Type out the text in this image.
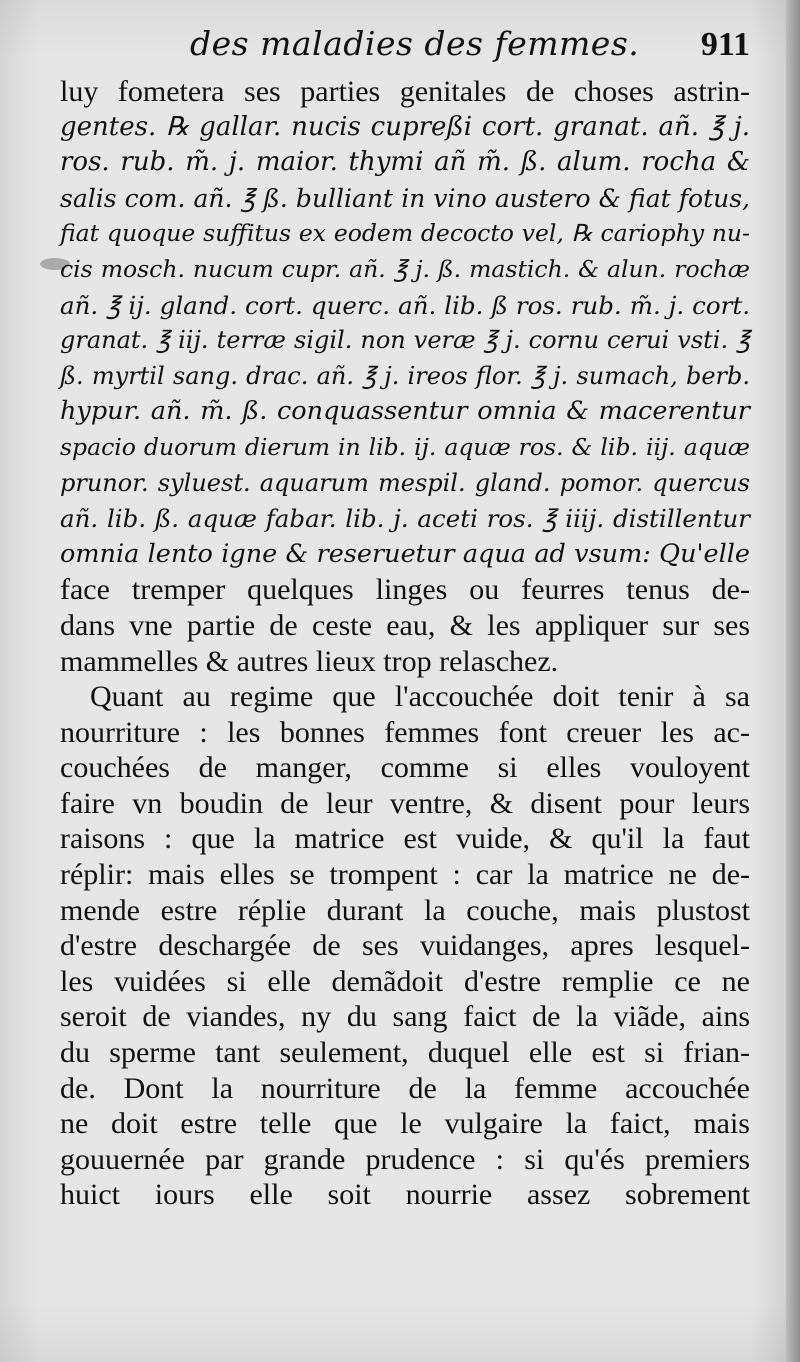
des maladies des femmes. 911
luy fometera ses parties genitales de choses astrin-
gentes. ℞ gallar. nucis cupreßi cort. granat. añ. ℥ j.
ros. rub. m̃. j. maior. thymi añ m̃. ß. alum. rocha &
salis com. añ. ℥ ß. bulliant in vino austero & fiat fotus,
fiat quoque suffitus ex eodem decocto vel, ℞ cariophy nu-
cis mosch. nucum cupr. añ. ℥ j. ß. mastich. & alun. rochæ
añ. ℥ ij. gland. cort. querc. añ. lib. ß ros. rub. m̃. j. cort.
granat. ℥ iij. terræ sigil. non veræ ℥ j. cornu cerui vsti. ℥
ß. myrtil sang. drac. añ. ℥ j. ireos flor. ℥ j. sumach, berb.
hypur. añ. m̃. ß. conquassentur omnia & macerentur
spacio duorum dierum in lib. ij. aquæ ros. & lib. iij. aquæ
prunor. syluest. aquarum mespil. gland. pomor. quercus
añ. lib. ß. aquæ fabar. lib. j. aceti ros. ℥ iiij. distillentur
omnia lento igne & reseruetur aqua ad vsum: Qu'elle
face tremper quelques linges ou feurres tenus de-
dans vne partie de ceste eau, & les appliquer sur ses
mammelles & autres lieux trop relaschez.
Quant au regime que l'accouchée doit tenir à sa
nourriture : les bonnes femmes font creuer les ac-
couchées de manger, comme si elles vouloyent
faire vn boudin de leur ventre, & disent pour leurs
raisons : que la matrice est vuide, & qu'il la faut
réplir: mais elles se trompent : car la matrice ne de-
mende estre réplie durant la couche, mais plustost
d'estre deschargée de ses vuidanges, apres lesquel-
les vuidées si elle demãdoit d'estre remplie ce ne
seroit de viandes, ny du sang faict de la viãde, ains
du sperme tant seulement, duquel elle est si frian-
de. Dont la nourriture de la femme accouchée
ne doit estre telle que le vulgaire la faict, mais
gouuernée par grande prudence : si qu'és premiers
huict iours elle soit nourrie assez sobrement
